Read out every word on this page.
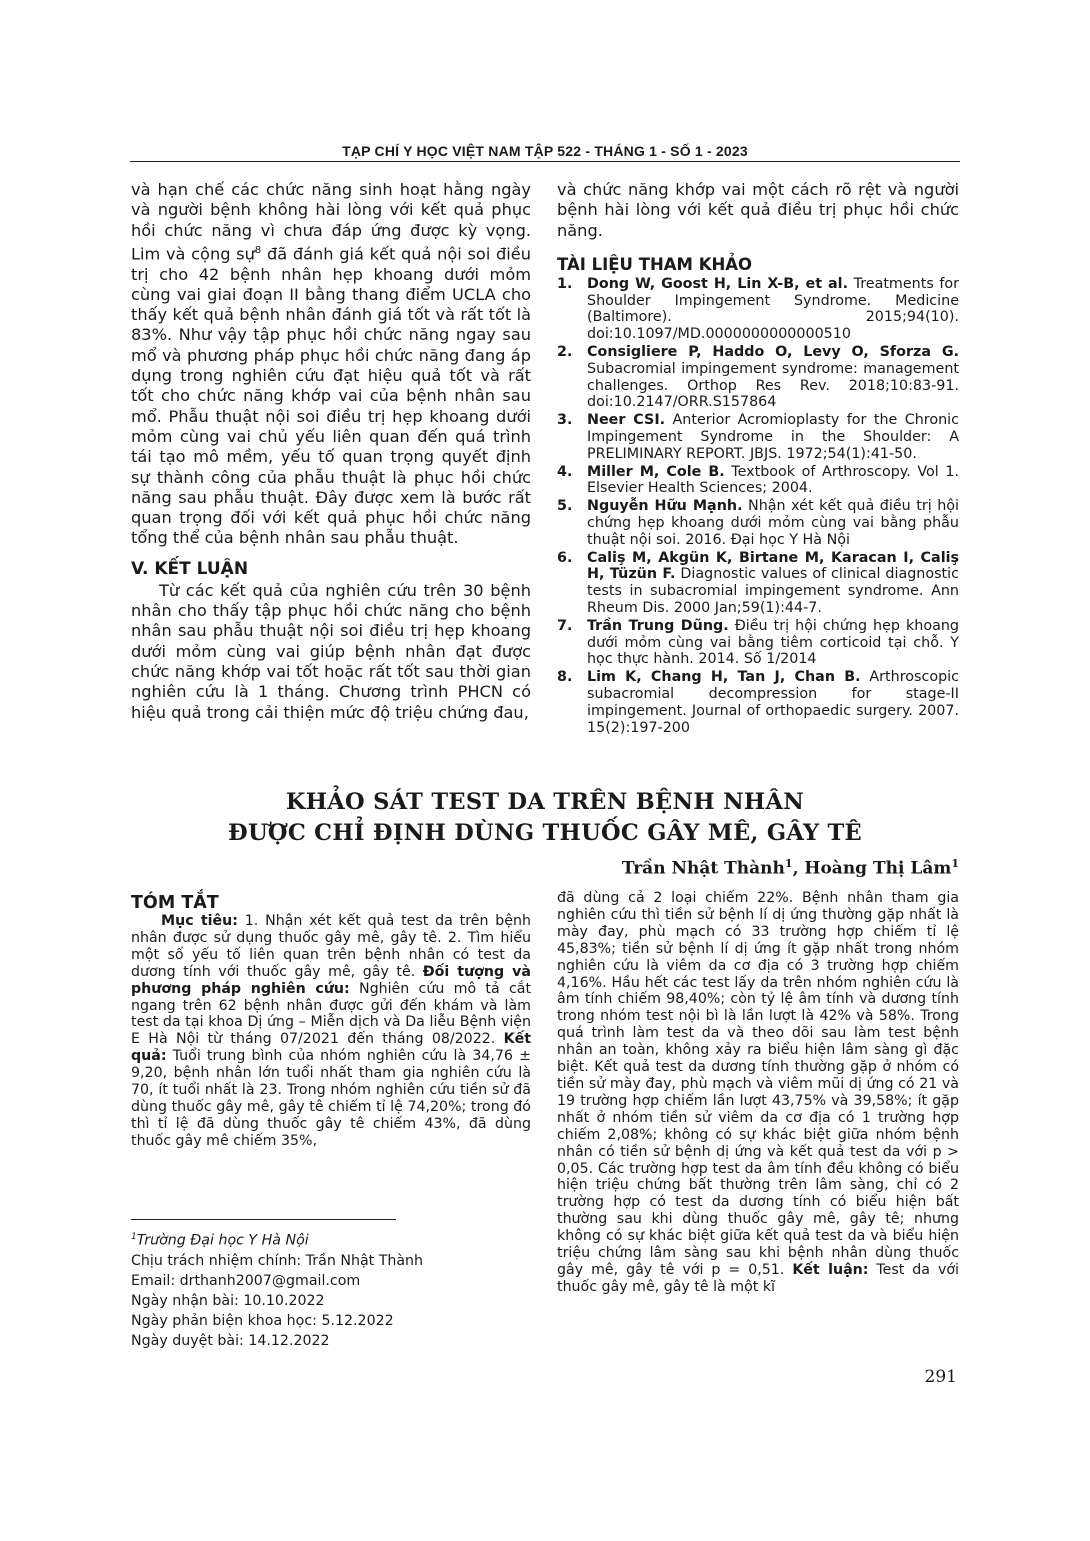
TẠP CHÍ Y HỌC VIỆT NAM TẬP 522 - THÁNG 1 - SỐ 1 - 2023

và hạn chế các chức năng sinh hoạt hằng ngày và người bệnh không hài lòng với kết quả phục hồi chức năng vì chưa đáp ứng được kỳ vọng. Lim và cộng sự$^8$ đã đánh giá kết quả nội soi điều trị cho 42 bệnh nhân hẹp khoang dưới mỏm cùng vai giai đoạn II bằng thang điểm UCLA cho thấy kết quả bệnh nhân đánh giá tốt và rất tốt là 83%. Như vậy tập phục hồi chức năng ngay sau mổ và phương pháp phục hồi chức năng đang áp dụng trong nghiên cứu đạt hiệu quả tốt và rất tốt cho chức năng khớp vai của bệnh nhân sau mổ. Phẫu thuật nội soi điều trị hẹp khoang dưới mỏm cùng vai chủ yếu liên quan đến quá trình tái tạo mô mềm, yếu tố quan trọng quyết định sự thành công của phẫu thuật là phục hồi chức năng sau phẫu thuật. Đây được xem là bước rất quan trọng đối với kết quả phục hồi chức năng tổng thể của bệnh nhân sau phẫu thuật.

V. KẾT LUẬN

Từ các kết quả của nghiên cứu trên 30 bệnh nhân cho thấy tập phục hồi chức năng cho bệnh nhân sau phẫu thuật nội soi điều trị hẹp khoang dưới mỏm cùng vai giúp bệnh nhân đạt được chức năng khớp vai tốt hoặc rất tốt sau thời gian nghiên cứu là 1 tháng. Chương trình PHCN có hiệu quả trong cải thiện mức độ triệu chứng đau,

và chức năng khớp vai một cách rõ rệt và người bệnh hài lòng với kết quả điều trị phục hồi chức năng.

TÀI LIỆU THAM KHẢO
1. Dong W, Goost H, Lin X-B, et al. Treatments for Shoulder Impingement Syndrome. Medicine (Baltimore). 2015;94(10). doi:10.1097/MD.0000000000000510
2. Consigliere P, Haddo O, Levy O, Sforza G. Subacromial impingement syndrome: management challenges. Orthop Res Rev. 2018;10:83-91. doi:10.2147/ORR.S157864
3. Neer CSI. Anterior Acromioplasty for the Chronic Impingement Syndrome in the Shoulder: A PRELIMINARY REPORT. JBJS. 1972;54(1):41-50.
4. Miller M, Cole B. Textbook of Arthroscopy. Vol 1. Elsevier Health Sciences; 2004.
5. Nguyễn Hữu Mạnh. Nhận xét kết quả điều trị hội chứng hẹp khoang dưới mỏm cùng vai bằng phẫu thuật nội soi. 2016. Đại học Y Hà Nội
6. Caliş M, Akgün K, Birtane M, Karacan I, Caliş H, Tüzün F. Diagnostic values of clinical diagnostic tests in subacromial impingement syndrome. Ann Rheum Dis. 2000 Jan;59(1):44-7.
7. Trần Trung Dũng. Điều trị hội chứng hẹp khoang dưới mỏm cùng vai bằng tiêm corticoid tại chỗ. Y học thực hành. 2014. Số 1/2014
8. Lim K, Chang H, Tan J, Chan B. Arthroscopic subacromial decompression for stage-II impingement. Journal of orthopaedic surgery. 2007. 15(2):197-200
KHẢO SÁT TEST DA TRÊN BỆNH NHÂN
ĐƯỢC CHỈ ĐỊNH DÙNG THUỐC GÂY MÊ, GÂY TÊ
Trần Nhật Thành$^1$, Hoàng Thị Lâm$^1$
TÓM TẮT

Mục tiêu: 1. Nhận xét kết quả test da trên bệnh nhân được sử dụng thuốc gây mê, gây tê. 2. Tìm hiểu một số yếu tố liên quan trên bệnh nhân có test da dương tính với thuốc gây mê, gây tê. Đối tượng và phương pháp nghiên cứu: Nghiên cứu mô tả cắt ngang trên 62 bệnh nhân được gửi đến khám và làm test da tại khoa Dị ứng – Miễn dịch và Da liễu Bệnh viện E Hà Nội từ tháng 07/2021 đến tháng 08/2022. Kết quả: Tuổi trung bình của nhóm nghiên cứu là 34,76 ± 9,20, bệnh nhân lớn tuổi nhất tham gia nghiên cứu là 70, ít tuổi nhất là 23. Trong nhóm nghiên cứu tiền sử đã dùng thuốc gây mê, gây tê chiếm tỉ lệ 74,20%; trong đó thì tỉ lệ đã dùng thuốc gây tê chiếm 43%, đã dùng thuốc gây mê chiếm 35%,

đã dùng cả 2 loại chiếm 22%. Bệnh nhân tham gia nghiên cứu thì tiền sử bệnh lí dị ứng thường gặp nhất là mày đay, phù mạch có 33 trường hợp chiếm tỉ lệ 45,83%; tiền sử bệnh lí dị ứng ít gặp nhất trong nhóm nghiên cứu là viêm da cơ địa có 3 trường hợp chiếm 4,16%. Hầu hết các test lấy da trên nhóm nghiên cứu là âm tính chiếm 98,40%; còn tỷ lệ âm tính và dương tính trong nhóm test nội bì là lần lượt là 42% và 58%. Trong quá trình làm test da và theo dõi sau làm test bệnh nhân an toàn, không xảy ra biểu hiện lâm sàng gì đặc biệt. Kết quả test da dương tính thường gặp ở nhóm có tiền sử mày đay, phù mạch và viêm mũi dị ứng có 21 và 19 trường hợp chiếm lần lượt 43,75% và 39,58%; ít gặp nhất ở nhóm tiền sử viêm da cơ địa có 1 trường hợp chiếm 2,08%; không có sự khác biệt giữa nhóm bệnh nhân có tiền sử bệnh dị ứng và kết quả test da với p > 0,05. Các trường hợp test da âm tính đều không có biểu hiện triệu chứng bất thường trên lâm sàng, chỉ có 2 trường hợp có test da dương tính có biểu hiện bất thường sau khi dùng thuốc gây mê, gây tê; nhưng không có sự khác biệt giữa kết quả test da và biểu hiện triệu chứng lâm sàng sau khi bệnh nhân dùng thuốc gây mê, gây tê với p = 0,51. Kết luận: Test da với thuốc gây mê, gây tê là một kĩ

$^1$Trường Đại học Y Hà Nội
Chịu trách nhiệm chính: Trần Nhật Thành
Email: drthanh2007@gmail.com
Ngày nhận bài: 10.10.2022
Ngày phản biện khoa học: 5.12.2022
Ngày duyệt bài: 14.12.2022
291
